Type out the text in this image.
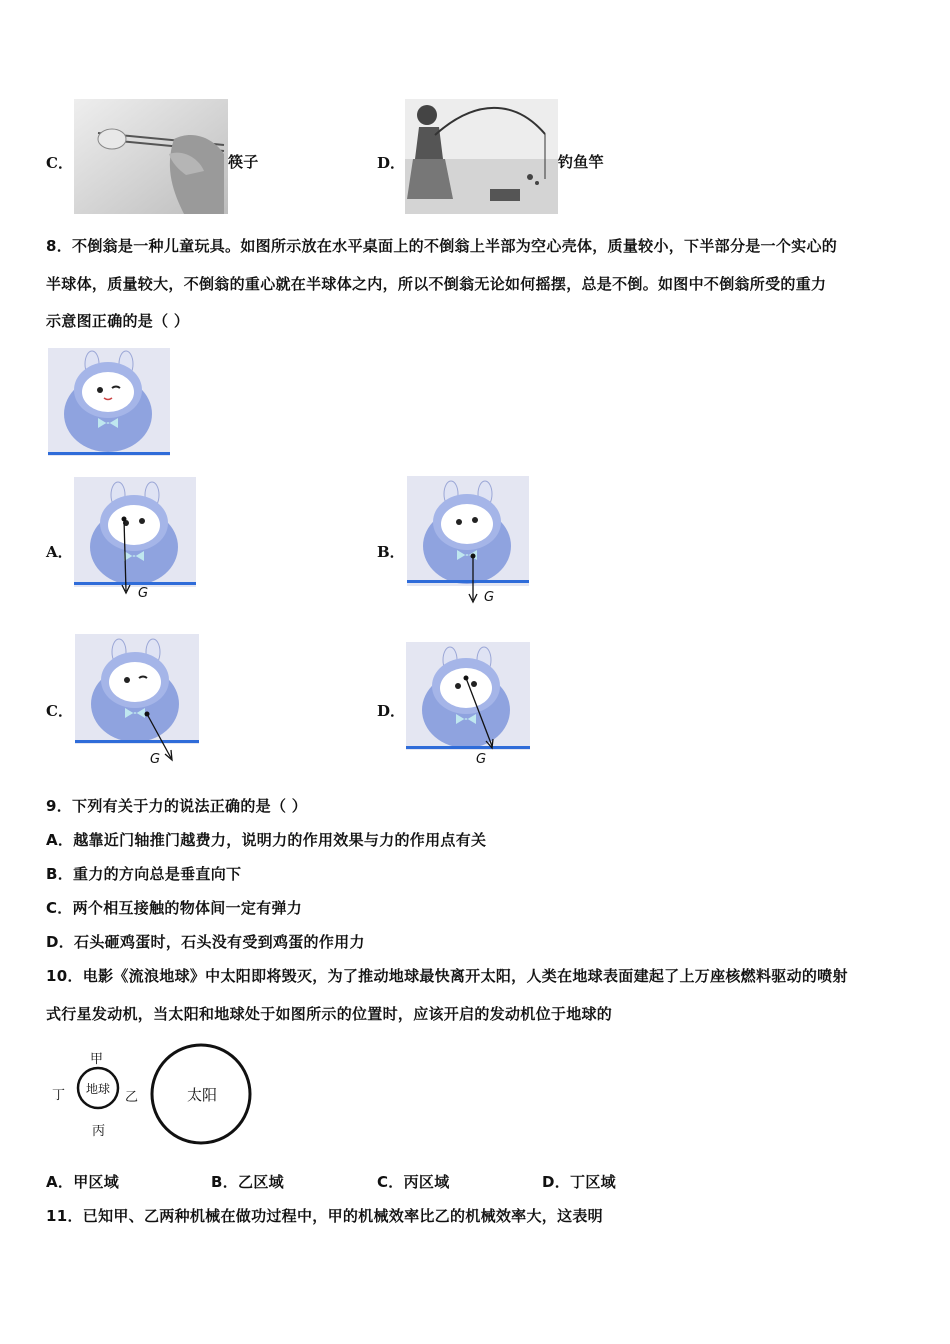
C．	筷子	D．	钓鱼竿
8．不倒翁是一种儿童玩具。如图所示放在水平桌面上的不倒翁上半部为空心壳体，质量较小，下半部分是一个实心的
半球体，质量较大，不倒翁的重心就在半球体之内，所以不倒翁无论如何摇摆，总是不倒。如图中不倒翁所受的重力
示意图正确的是（ ）
A．
G
B．
G
C．
G
D．
G
9．下列有关于力的说法正确的是（ ）
A．越靠近门轴推门越费力，说明力的作用效果与力的作用点有关
B．重力的方向总是垂直向下
C．两个相互接触的物体间一定有弹力
D．石头砸鸡蛋时，石头没有受到鸡蛋的作用力
10．电影《流浪地球》中太阳即将毁灭，为了推动地球最快离开太阳，人类在地球表面建起了上万座核燃料驱动的喷射
式行星发动机，当太阳和地球处于如图所示的位置时，应该开启的发动机位于地球的
地球	太阳
甲
乙
丙
丁
A．甲区域	B．乙区域	C．丙区域	D．丁区域
11．已知甲、乙两种机械在做功过程中，甲的机械效率比乙的机械效率大，这表明
